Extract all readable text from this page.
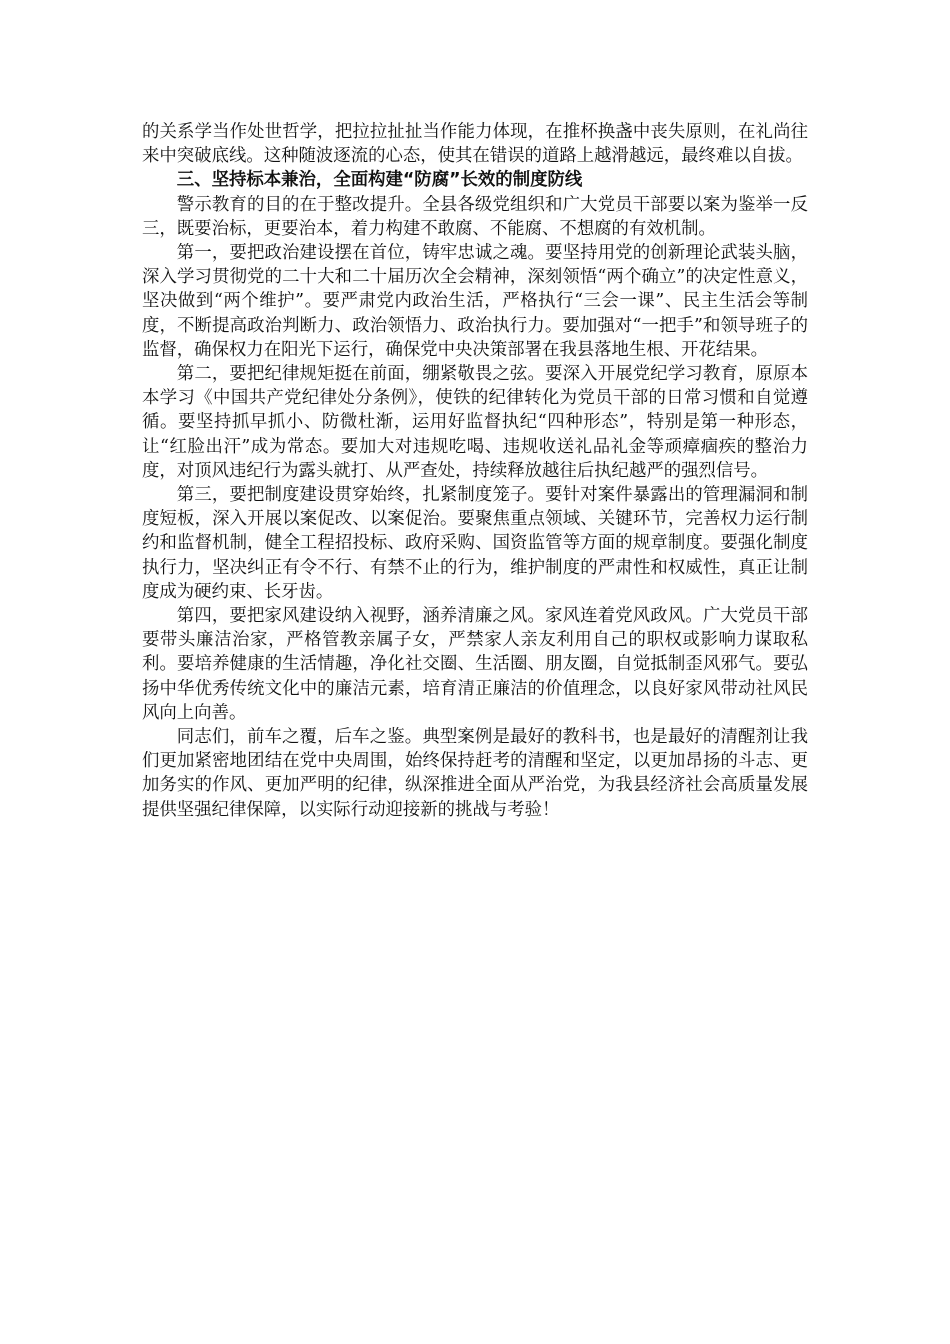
的关系学当作处世哲学，把拉拉扯扯当作能力体现，在推杯换盏中丧失原则，在礼尚往来中突破底线。这种随波逐流的心态，使其在错误的道路上越滑越远，最终难以自拔。

三、坚持标本兼治，全面构建“防腐”长效的制度防线

警示教育的目的在于整改提升。全县各级党组织和广大党员干部要以案为鉴举一反三，既要治标，更要治本，着力构建不敢腐、不能腐、不想腐的有效机制。

第一，要把政治建设摆在首位，铸牢忠诚之魂。要坚持用党的创新理论武装头脑，深入学习贯彻党的二十大和二十届历次全会精神，深刻领悟“两个确立”的决定性意义，坚决做到“两个维护”。要严肃党内政治生活，严格执行“三会一课”、民主生活会等制度，不断提高政治判断力、政治领悟力、政治执行力。要加强对“一把手”和领导班子的监督，确保权力在阳光下运行，确保党中央决策部署在我县落地生根、开花结果。

第二，要把纪律规矩挺在前面，绷紧敬畏之弦。要深入开展党纪学习教育，原原本本学习《中国共产党纪律处分条例》，使铁的纪律转化为党员干部的日常习惯和自觉遵循。要坚持抓早抓小、防微杜渐，运用好监督执纪“四种形态”，特别是第一种形态，让“红脸出汗”成为常态。要加大对违规吃喝、违规收送礼品礼金等顽瘴痼疾的整治力度，对顶风违纪行为露头就打、从严查处，持续释放越往后执纪越严的强烈信号。

第三，要把制度建设贯穿始终，扎紧制度笼子。要针对案件暴露出的管理漏洞和制度短板，深入开展以案促改、以案促治。要聚焦重点领域、关键环节，完善权力运行制约和监督机制，健全工程招投标、政府采购、国资监管等方面的规章制度。要强化制度执行力，坚决纠正有令不行、有禁不止的行为，维护制度的严肃性和权威性，真正让制度成为硬约束、长牙齿。

第四，要把家风建设纳入视野，涵养清廉之风。家风连着党风政风。广大党员干部要带头廉洁治家，严格管教亲属子女，严禁家人亲友利用自己的职权或影响力谋取私利。要培养健康的生活情趣，净化社交圈、生活圈、朋友圈，自觉抵制歪风邪气。要弘扬中华优秀传统文化中的廉洁元素，培育清正廉洁的价值理念，以良好家风带动社风民风向上向善。

同志们，前车之覆，后车之鉴。典型案例是最好的教科书，也是最好的清醒剂让我们更加紧密地团结在党中央周围，始终保持赶考的清醒和坚定，以更加昂扬的斗志、更加务实的作风、更加严明的纪律，纵深推进全面从严治党，为我县经济社会高质量发展提供坚强纪律保障，以实际行动迎接新的挑战与考验！
